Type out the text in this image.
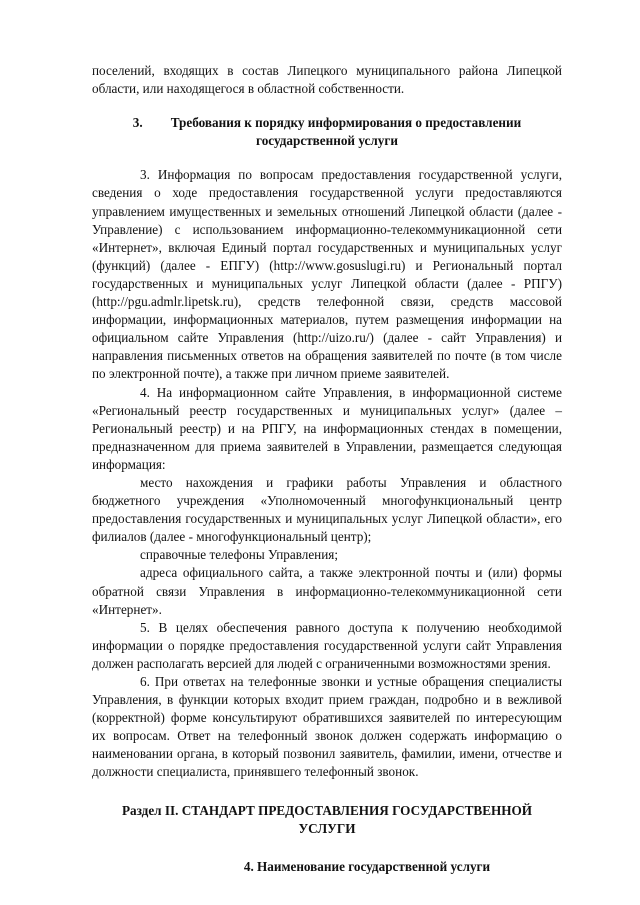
поселений, входящих в состав Липецкого муниципального района Липецкой области, или находящегося в областной собственности.

3. Требования к порядку информирования о предоставлении государственной услуги

3. Информация по вопросам предоставления государственной услуги, сведения о ходе предоставления государственной услуги предоставляются управлением имущественных и земельных отношений Липецкой области (далее - Управление) с использованием информационно-телекоммуникационной сети «Интернет», включая Единый портал государственных и муниципальных услуг (функций) (далее - ЕПГУ) (http://www.gosuslugi.ru) и Региональный портал государственных и муниципальных услуг Липецкой области (далее - РПГУ) (http://pgu.admlr.lipetsk.ru), средств телефонной связи, средств массовой информации, информационных материалов, путем размещения информации на официальном сайте Управления (http://uizo.ru/) (далее - сайт Управления) и направления письменных ответов на обращения заявителей по почте (в том числе по электронной почте), а также при личном приеме заявителей.

4. На информационном сайте Управления, в информационной системе «Региональный реестр государственных и муниципальных услуг» (далее – Региональный реестр) и на РПГУ, на информационных стендах в помещении, предназначенном для приема заявителей в Управлении, размещается следующая информация:

место нахождения и графики работы Управления и областного бюджетного учреждения «Уполномоченный многофункциональный центр предоставления государственных и муниципальных услуг Липецкой области», его филиалов (далее - многофункциональный центр);

справочные телефоны Управления;

адреса официального сайта, а также электронной почты и (или) формы обратной связи Управления в информационно-телекоммуникационной сети «Интернет».

5. В целях обеспечения равного доступа к получению необходимой информации о порядке предоставления государственной услуги сайт Управления должен располагать версией для людей с ограниченными возможностями зрения.

6. При ответах на телефонные звонки и устные обращения специалисты Управления, в функции которых входит прием граждан, подробно и в вежливой (корректной) форме консультируют обратившихся заявителей по интересующим их вопросам. Ответ на телефонный звонок должен содержать информацию о наименовании органа, в который позвонил заявитель, фамилии, имени, отчестве и должности специалиста, принявшего телефонный звонок.

Раздел II. СТАНДАРТ ПРЕДОСТАВЛЕНИЯ ГОСУДАРСТВЕННОЙ УСЛУГИ

4. Наименование государственной услуги
